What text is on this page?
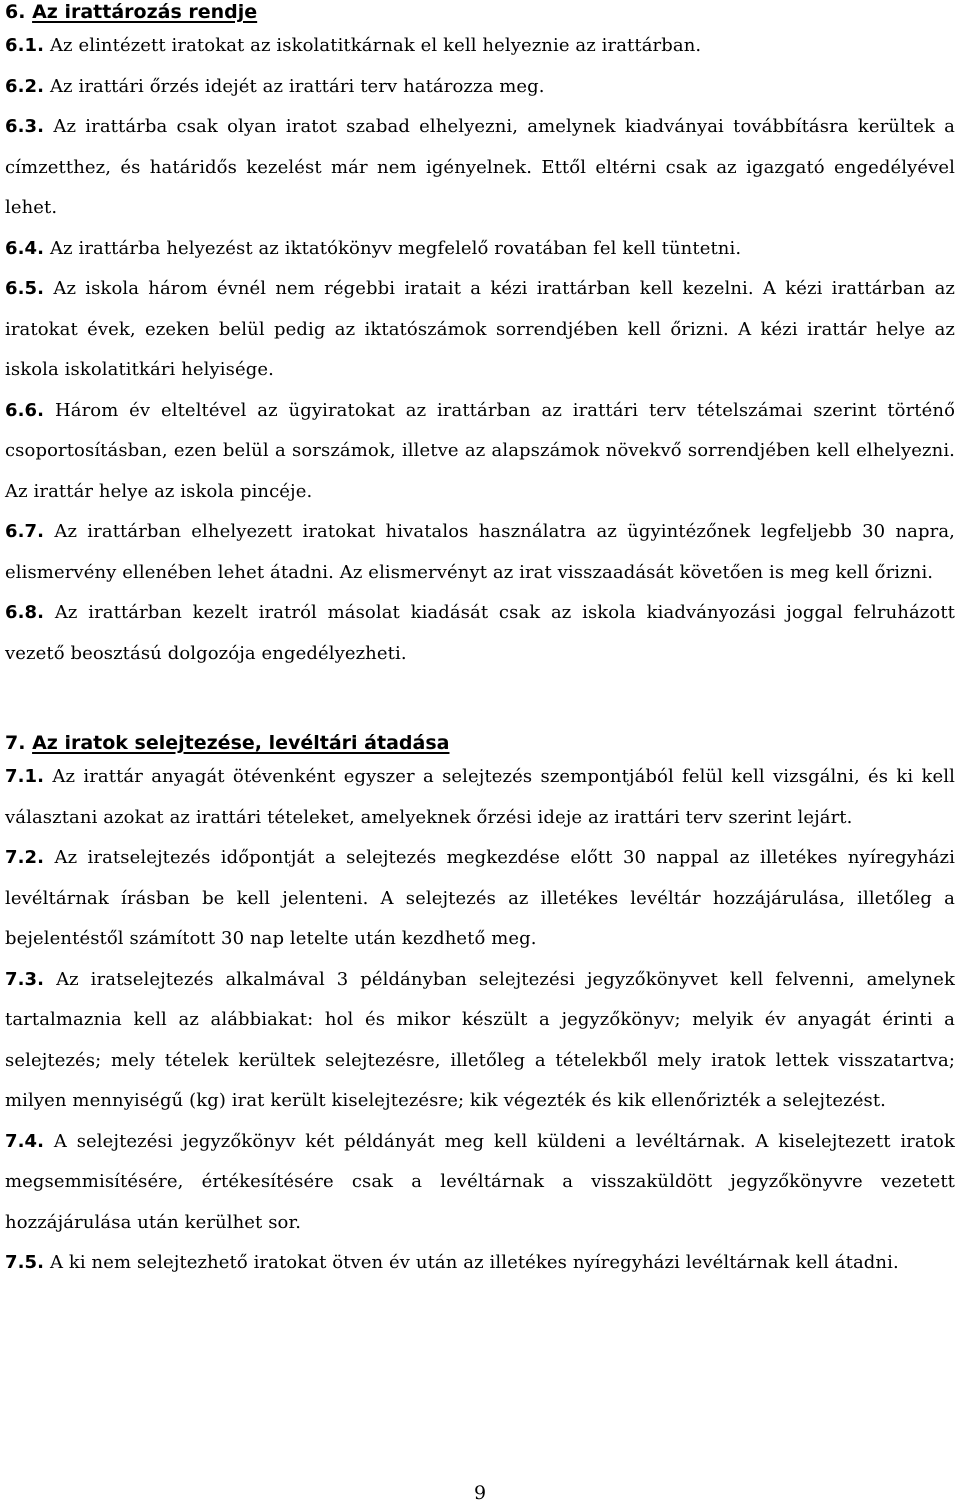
6. Az irattározás rendje

6.1. Az elintézett iratokat az iskolatitkárnak el kell helyeznie az irattárban.

6.2. Az irattári őrzés idejét az irattári terv határozza meg.

6.3. Az irattárba csak olyan iratot szabad elhelyezni, amelynek kiadványai továbbításra kerültek a címzetthez, és határidős kezelést már nem igényelnek. Ettől eltérni csak az igazgató engedélyével lehet.

6.4. Az irattárba helyezést az iktatókönyv megfelelő rovatában fel kell tüntetni.

6.5. Az iskola három évnél nem régebbi iratait a kézi irattárban kell kezelni. A kézi irattárban az iratokat évek, ezeken belül pedig az iktatószámok sorrendjében kell őrizni. A kézi irattár helye az iskola iskolatitkári helyisége.

6.6. Három év elteltével az ügyiratokat az irattárban az irattári terv tételszámai szerint történő csoportosításban, ezen belül a sorszámok, illetve az alapszámok növekvő sorrendjében kell elhelyezni. Az irattár helye az iskola pincéje.

6.7. Az irattárban elhelyezett iratokat hivatalos használatra az ügyintézőnek legfeljebb 30 napra, elismervény ellenében lehet átadni. Az elismervényt az irat visszaadását követően is meg kell őrizni.

6.8. Az irattárban kezelt iratról másolat kiadását csak az iskola kiadványozási joggal felruházott vezető beosztású dolgozója engedélyezheti.

7. Az iratok selejtezése, levéltári átadása

7.1. Az irattár anyagát ötévenként egyszer a selejtezés szempontjából felül kell vizsgálni, és ki kell választani azokat az irattári tételeket, amelyeknek őrzési ideje az irattári terv szerint lejárt.

7.2. Az iratselejtezés időpontját a selejtezés megkezdése előtt 30 nappal az illetékes nyíregyházi levéltárnak írásban be kell jelenteni. A selejtezés az illetékes levéltár hozzájárulása, illetőleg a bejelentéstől számított 30 nap letelte után kezdhető meg.

7.3. Az iratselejtezés alkalmával 3 példányban selejtezési jegyzőkönyvet kell felvenni, amelynek tartalmaznia kell az alábbiakat: hol és mikor készült a jegyzőkönyv; melyik év anyagát érinti a selejtezés; mely tételek kerültek selejtezésre, illetőleg a tételekből mely iratok lettek visszatartva; milyen mennyiségű (kg) irat került kiselejtezésre; kik végezték és kik ellenőrizték a selejtezést.

7.4. A selejtezési jegyzőkönyv két példányát meg kell küldeni a levéltárnak. A kiselejtezett iratok megsemmisítésére, értékesítésére csak a levéltárnak a visszaküldött jegyzőkönyvre vezetett hozzájárulása után kerülhet sor.

7.5. A ki nem selejtezhető iratokat ötven év után az illetékes nyíregyházi levéltárnak kell átadni.

9
